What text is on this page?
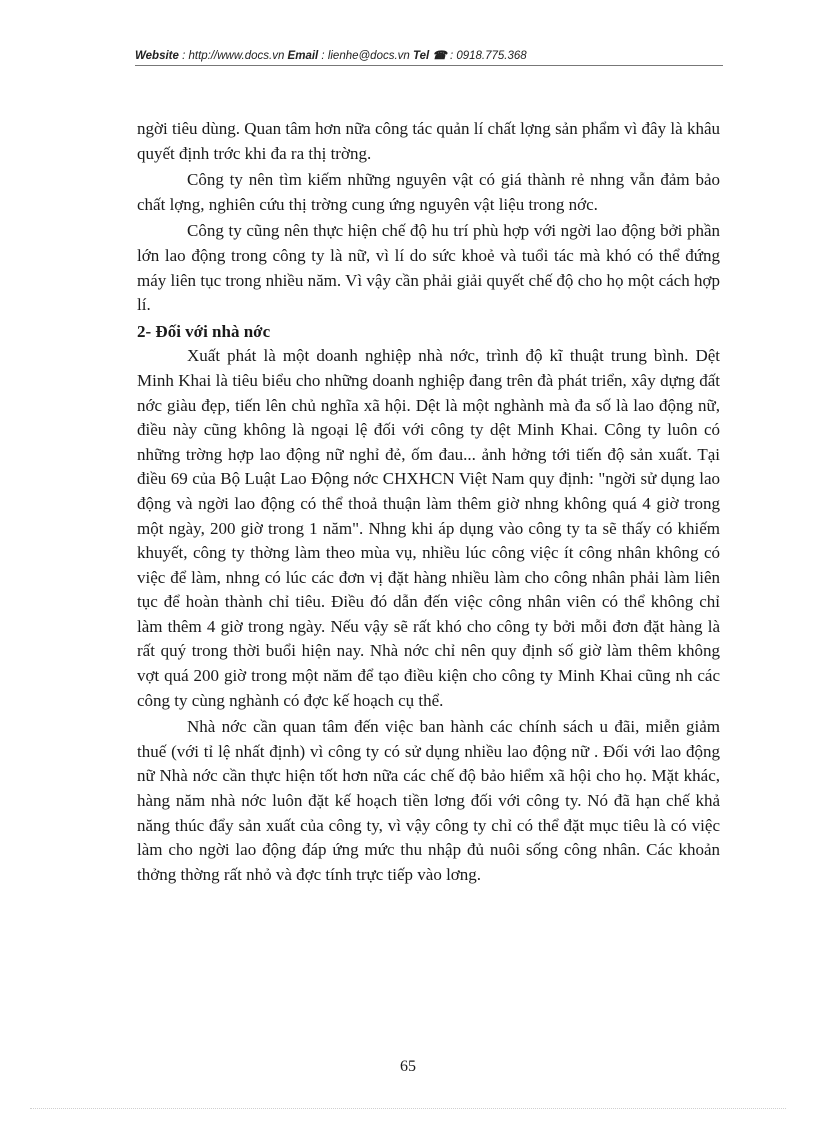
Website : http://www.docs.vn Email : lienhe@docs.vn Tel ☎ : 0918.775.368

ngời tiêu dùng. Quan tâm hơn nữa công tác quản lí chất lợng sản phẩm vì đây là khâu quyết định trớc khi đa ra thị trờng.

Công ty nên tìm kiếm những nguyên vật có giá thành rẻ nhng vẫn đảm bảo chất lợng, nghiên cứu thị trờng cung ứng nguyên vật liệu trong nớc.

Công ty cũng nên thực hiện chế độ hu trí phù hợp với ngời lao động bởi phần lớn lao động trong công ty là nữ, vì lí do sức khoẻ và tuổi tác mà khó có thể đứng máy liên tục trong nhiều năm. Vì vậy cần phải giải quyết chế độ cho họ một cách hợp lí.

2- Đối với nhà nớc

Xuất phát là một doanh nghiệp nhà nớc, trình độ kĩ thuật trung bình. Dệt Minh Khai là tiêu biểu cho những doanh nghiệp đang trên đà phát triển, xây dựng đất nớc giàu đẹp, tiến lên chủ nghĩa xã hội. Dệt là một nghành mà đa số là lao động nữ, điều này cũng không là ngoại lệ đối với công ty dệt Minh Khai. Công ty luôn có những trờng hợp lao động nữ nghỉ đẻ, ốm đau... ảnh hởng tới tiến độ sản xuất. Tại điều 69 của Bộ Luật Lao Động nớc CHXHCN Việt Nam quy định: "ngời sử dụng lao động và ngời lao động có thể thoả thuận làm thêm giờ nhng không quá 4 giờ trong một ngày, 200 giờ trong 1 năm". Nhng khi áp dụng vào công ty ta sẽ thấy có khiếm khuyết, công ty thờng làm theo mùa vụ, nhiều lúc công việc ít công nhân không có việc để làm, nhng có lúc các đơn vị đặt hàng nhiều làm cho công nhân phải làm liên tục để hoàn thành chỉ tiêu. Điều đó dẫn đến việc công nhân viên có thể không chỉ làm thêm 4 giờ trong ngày. Nếu vậy sẽ rất khó cho công ty bởi mỗi đơn đặt hàng là rất quý trong thời buổi hiện nay. Nhà nớc chỉ nên quy định số giờ làm thêm không vợt quá 200 giờ trong một năm để tạo điều kiện cho công ty Minh Khai cũng nh các công ty cùng nghành có đợc kế hoạch cụ thể.

Nhà nớc cần quan tâm đến việc ban hành các chính sách u đãi, miễn giảm thuế (với tỉ lệ nhất định) vì công ty có sử dụng nhiều lao động nữ . Đối với lao động nữ Nhà nớc cần thực hiện tốt hơn nữa các chế độ bảo hiểm xã hội cho họ. Mặt khác, hàng năm nhà nớc luôn đặt kế hoạch tiền lơng đối với công ty. Nó đã hạn chế khả năng thúc đẩy sản xuất của công ty, vì vậy công ty chỉ có thể đặt mục tiêu là có việc làm cho ngời lao động đáp ứng mức thu nhập đủ nuôi sống công nhân. Các khoản thởng thờng rất nhỏ và đợc tính trực tiếp vào lơng.

65
